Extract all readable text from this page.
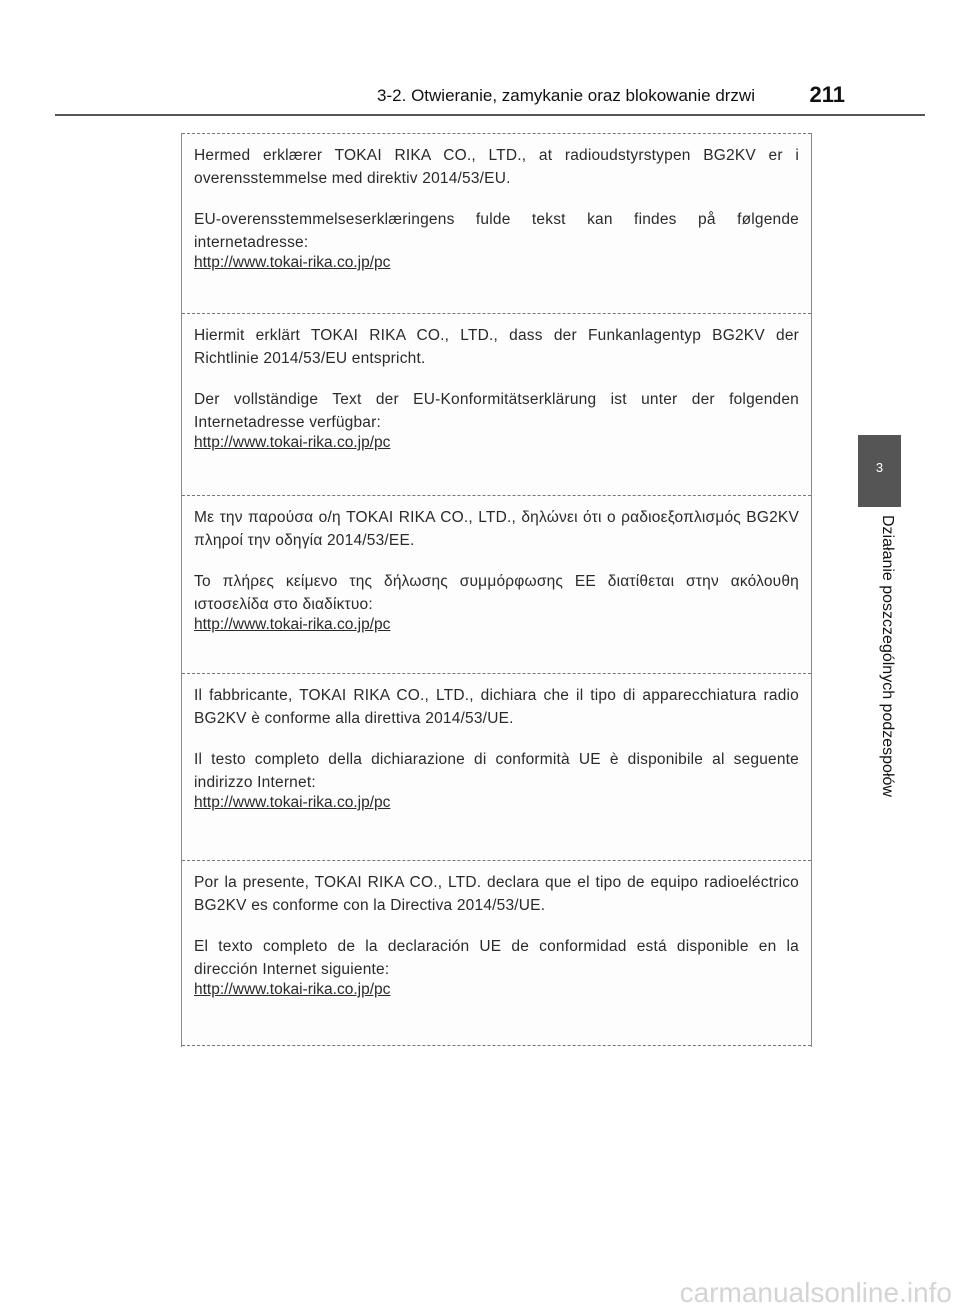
3-2. Otwieranie, zamykanie oraz blokowanie drzwi 211
3
Działanie poszczególnych podzespołów

Hermed erklærer TOKAI RIKA CO., LTD., at radioudstyrstypen BG2KV er i overensstemmelse med direktiv 2014/53/EU.

EU-overensstemmelseserklæringens fulde tekst kan findes på følgende internetadresse:

http://www.tokai-rika.co.jp/pc

Hiermit erklärt TOKAI RIKA CO., LTD., dass der Funkanlagentyp BG2KV der Richtlinie 2014/53/EU entspricht.

Der vollständige Text der EU-Konformitätserklärung ist unter der folgenden Internetadresse verfügbar:

http://www.tokai-rika.co.jp/pc

Με την παρούσα ο/η TOKAI RIKA CO., LTD., δηλώνει ότι ο ραδιοεξοπλισμός BG2KV πληροί την οδηγία 2014/53/ΕΕ.

Το πλήρες κείμενο της δήλωσης συμμόρφωσης ΕΕ διατίθεται στην ακόλουθη ιστοσελίδα στο διαδίκτυο:

http://www.tokai-rika.co.jp/pc

Il fabbricante, TOKAI RIKA CO., LTD., dichiara che il tipo di apparecchiatura radio BG2KV è conforme alla direttiva 2014/53/UE.

Il testo completo della dichiarazione di conformità UE è disponibile al seguente indirizzo Internet:

http://www.tokai-rika.co.jp/pc

Por la presente, TOKAI RIKA CO., LTD. declara que el tipo de equipo radioeléctrico BG2KV es conforme con la Directiva 2014/53/UE.

El texto completo de la declaración UE de conformidad está disponible en la dirección Internet siguiente:

http://www.tokai-rika.co.jp/pc
carmanualsonline.info
